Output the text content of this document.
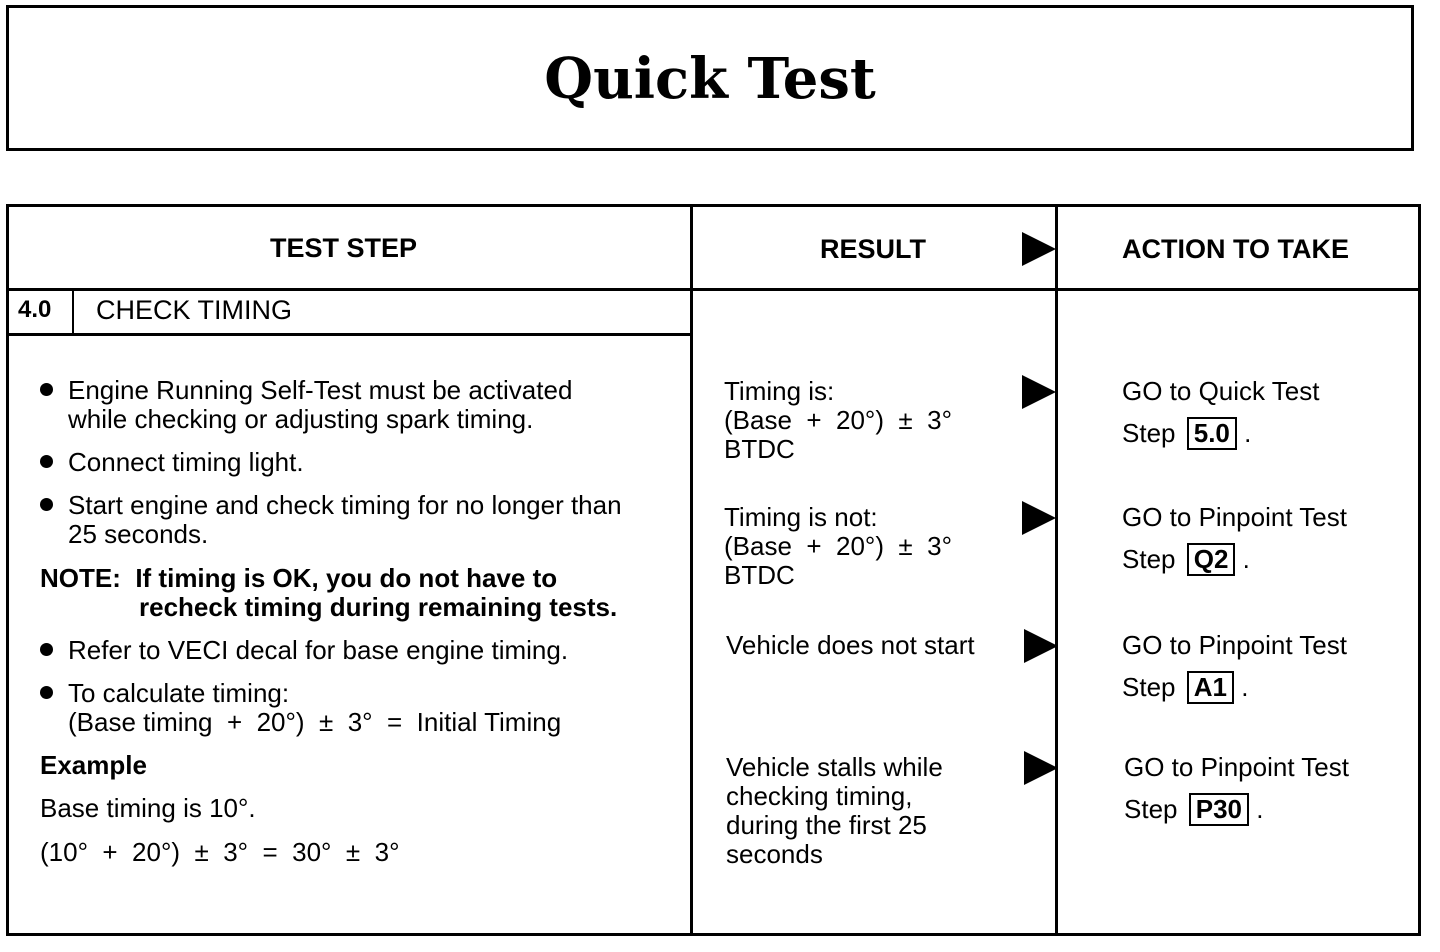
Quick Test
TEST STEP	RESULT	ACTION TO TAKE
4.0 CHECK TIMING
Engine Running Self-Test must be activated
while checking or adjusting spark timing.
Connect timing light.
Start engine and check timing for no longer than
25 seconds.
NOTE:  If timing is OK, you do not have to
recheck timing during remaining tests.
Refer to VECI decal for base engine timing.
To calculate timing:
(Base timing  +  20°)  ±  3°  =  Initial Timing
Example
Base timing is 10°.
(10°  +  20°)  ±  3°  =  30°  ±  3°
Timing is:
(Base  +  20°)  ±  3°
BTDC
Timing is not:
(Base  +  20°)  ±  3°
BTDC
Vehicle does not start
Vehicle stalls while
checking timing,
during the first 25
seconds
GO to Quick Test
Step 5.0 .
GO to Pinpoint Test
Step Q2 .
GO to Pinpoint Test
Step A1 .
GO to Pinpoint Test
Step P30 .
